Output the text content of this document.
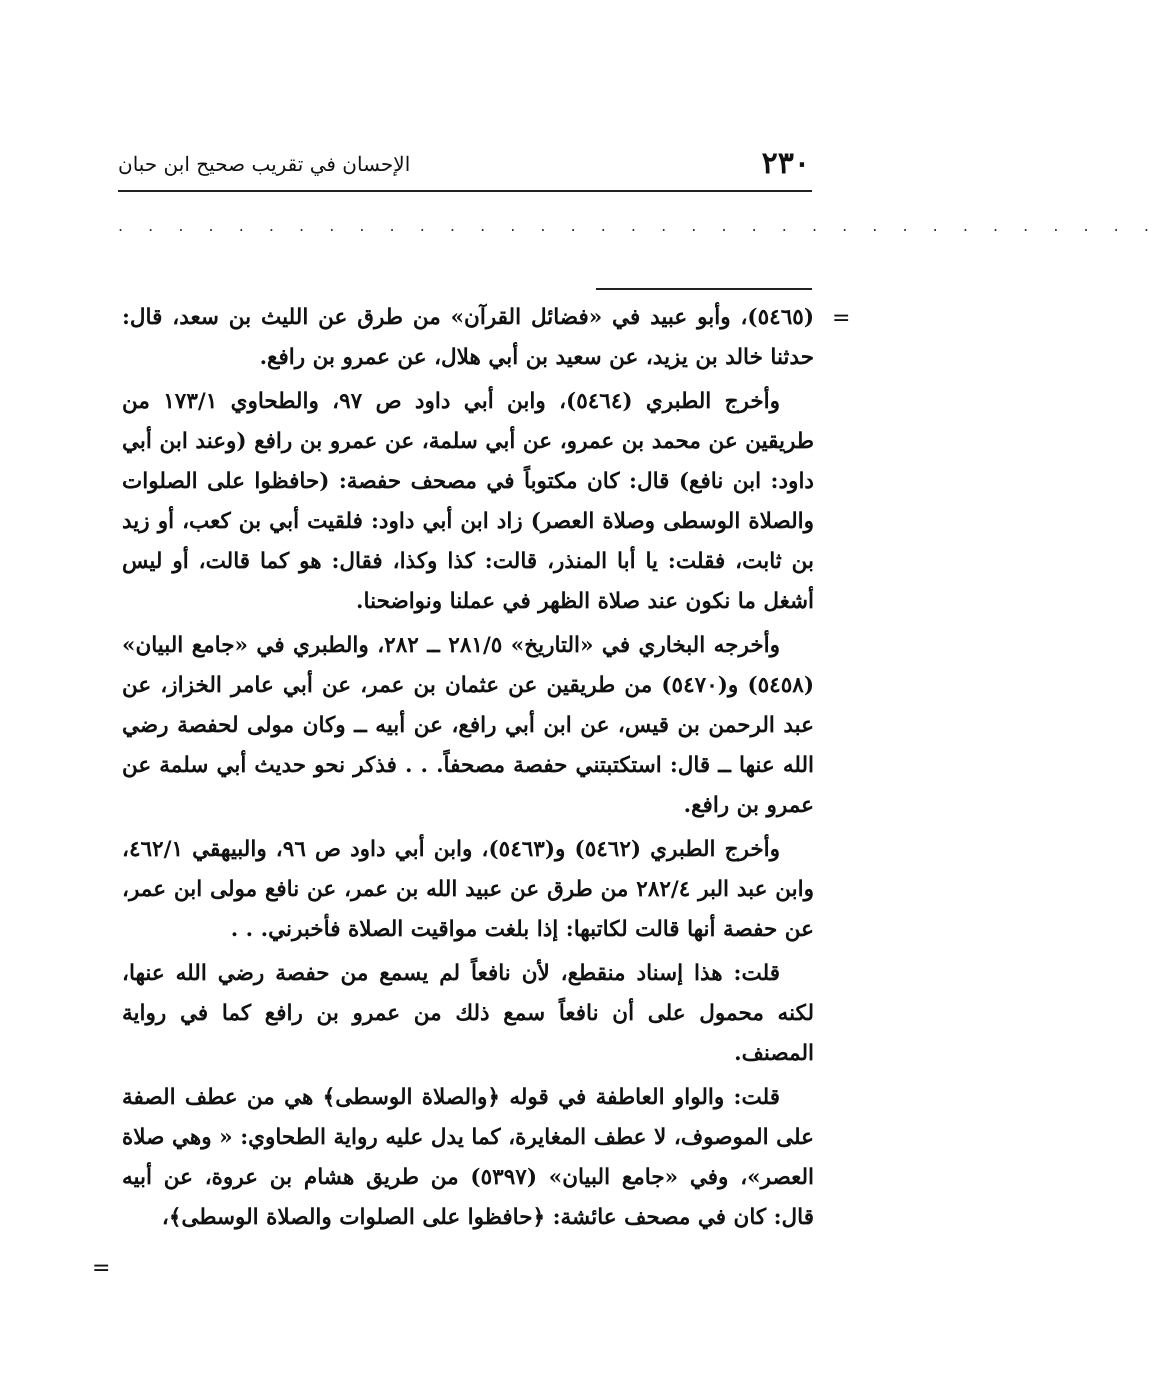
٢٣٠
الإحسان في تقريب صحيح ابن حبان
. . . . . . . . . . . . . . . . . . . . . . . . . . . . . . . . . . .
=
=

(٥٤٦٥)، وأبو عبيد في «فضائل القرآن» من طرق عن الليث بن سعد، قال: حدثنا خالد بن يزيد، عن سعيد بن أبي هلال، عن عمرو بن رافع.

وأخرج الطبري (٥٤٦٤)، وابن أبي داود ص ٩٧، والطحاوي ١٧٣/١ من طريقين عن محمد بن عمرو، عن أبي سلمة، عن عمرو بن رافع (وعند ابن أبي داود: ابن نافع) قال: كان مكتوباً في مصحف حفصة: (حافظوا على الصلوات والصلاة الوسطى وصلاة العصر) زاد ابن أبي داود: فلقيت أبي بن كعب، أو زيد بن ثابت، فقلت: يا أبا المنذر، قالت: كذا وكذا، فقال: هو كما قالت، أو ليس أشغل ما نكون عند صلاة الظهر في عملنا ونواضحنا.

وأخرجه البخاري في «التاريخ» ٢٨١/٥ ــ ٢٨٢، والطبري في «جامع البيان» (٥٤٥٨) و(٥٤٧٠) من طريقين عن عثمان بن عمر، عن أبي عامر الخزاز، عن عبد الرحمن بن قيس، عن ابن أبي رافع، عن أبيه ــ وكان مولى لحفصة رضي الله عنها ــ قال: استكتبتني حفصة مصحفاً. . . فذكر نحو حديث أبي سلمة عن عمرو بن رافع.

وأخرج الطبري (٥٤٦٢) و(٥٤٦٣)، وابن أبي داود ص ٩٦، والبيهقي ٤٦٢/١، وابن عبد البر ٢٨٢/٤ من طرق عن عبيد الله بن عمر، عن نافع مولى ابن عمر، عن حفصة أنها قالت لكاتبها: إذا بلغت مواقيت الصلاة فأخبرني. . .

قلت: هذا إسناد منقطع، لأن نافعاً لم يسمع من حفصة رضي الله عنها، لكنه محمول على أن نافعاً سمع ذلك من عمرو بن رافع كما في رواية المصنف.

قلت: والواو العاطفة في قوله ﴿والصلاة الوسطى﴾ هي من عطف الصفة على الموصوف، لا عطف المغايرة، كما يدل عليه رواية الطحاوي: « وهي صلاة العصر»، وفي «جامع البيان» (٥٣٩٧) من طريق هشام بن عروة، عن أبيه قال: كان في مصحف عائشة: ﴿حافظوا على الصلوات والصلاة الوسطى﴾،
